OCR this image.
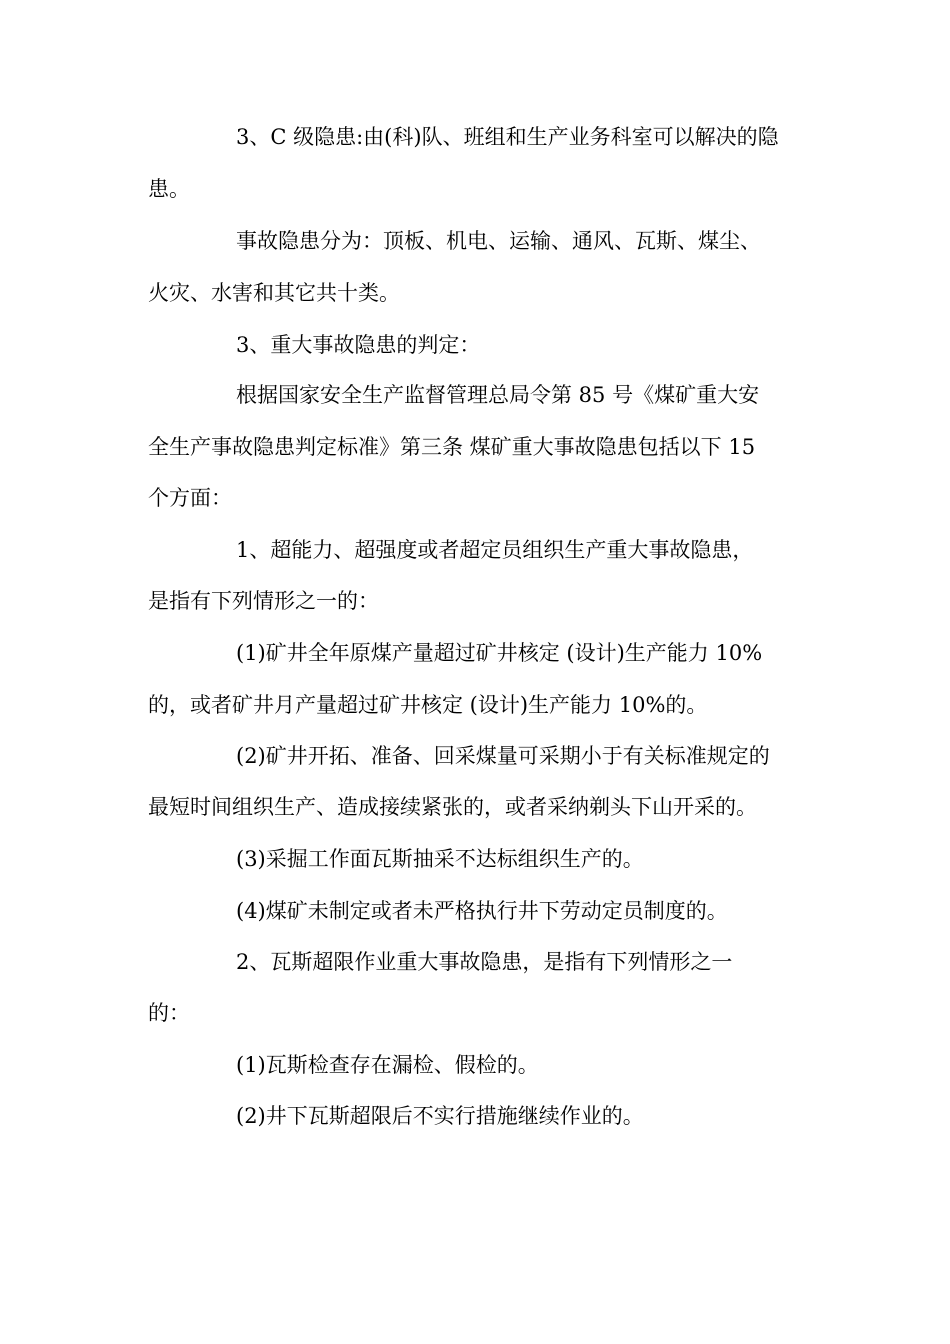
3、C 级隐患:由(科)队、班组和生产业务科室可以解决的隐
患。
事故隐患分为：顶板、机电、运输、通风、瓦斯、煤尘、
火灾、水害和其它共十类。
3、重大事故隐患的判定：
根据国家安全生产监督管理总局令第 85 号《煤矿重大安
全生产事故隐患判定标准》第三条 煤矿重大事故隐患包括以下 15
个方面：
1、超能力、超强度或者超定员组织生产重大事故隐患，
是指有下列情形之一的：
(1)矿井全年原煤产量超过矿井核定 (设计)生产能力 10%
的，或者矿井月产量超过矿井核定 (设计)生产能力 10%的。
(2)矿井开拓、准备、回采煤量可采期小于有关标准规定的
最短时间组织生产、造成接续紧张的，或者采纳剃头下山开采的。
(3)采掘工作面瓦斯抽采不达标组织生产的。
(4)煤矿未制定或者未严格执行井下劳动定员制度的。
2、瓦斯超限作业重大事故隐患，是指有下列情形之一
的：
(1)瓦斯检查存在漏检、假检的。
(2)井下瓦斯超限后不实行措施继续作业的。
